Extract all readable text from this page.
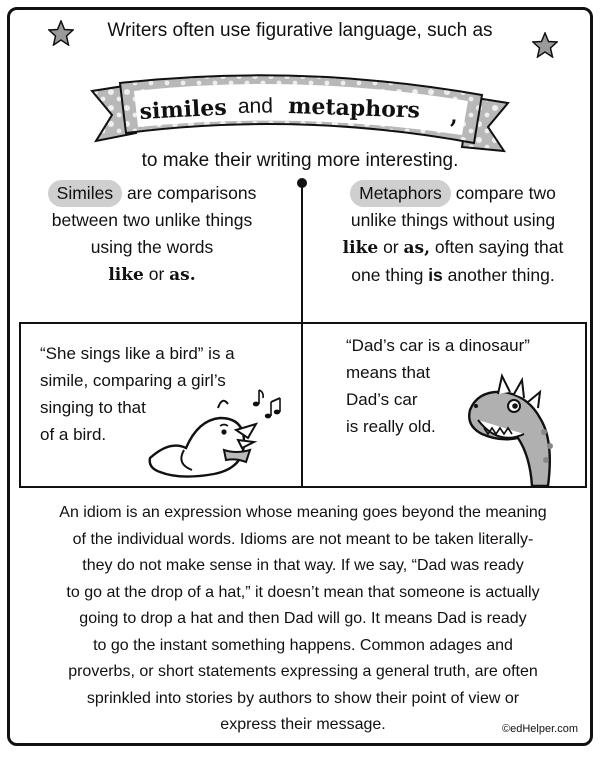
Writers often use figurative language, such as
similes and metaphors ,
to make their writing more interesting.
Similes are comparisons
between two unlike things
using the words
like or as.
Metaphors compare two
unlike things without using
like or as, often saying that
one thing is another thing.
“She sings like a bird” is a
simile, comparing a girl’s
singing to that
of a bird.
“Dad’s car is a dinosaur”
means that
Dad’s car
is really old.
An idiom is an expression whose meaning goes beyond the meaning
of the individual words. Idioms are not meant to be taken literally-
they do not make sense in that way. If we say, “Dad was ready
to go at the drop of a hat,” it doesn’t mean that someone is actually
going to drop a hat and then Dad will go. It means Dad is ready
to go the instant something happens. Common adages and
proverbs, or short statements expressing a general truth, are often
sprinkled into stories by authors to show their point of view or
express their message.	©edHelper.com
